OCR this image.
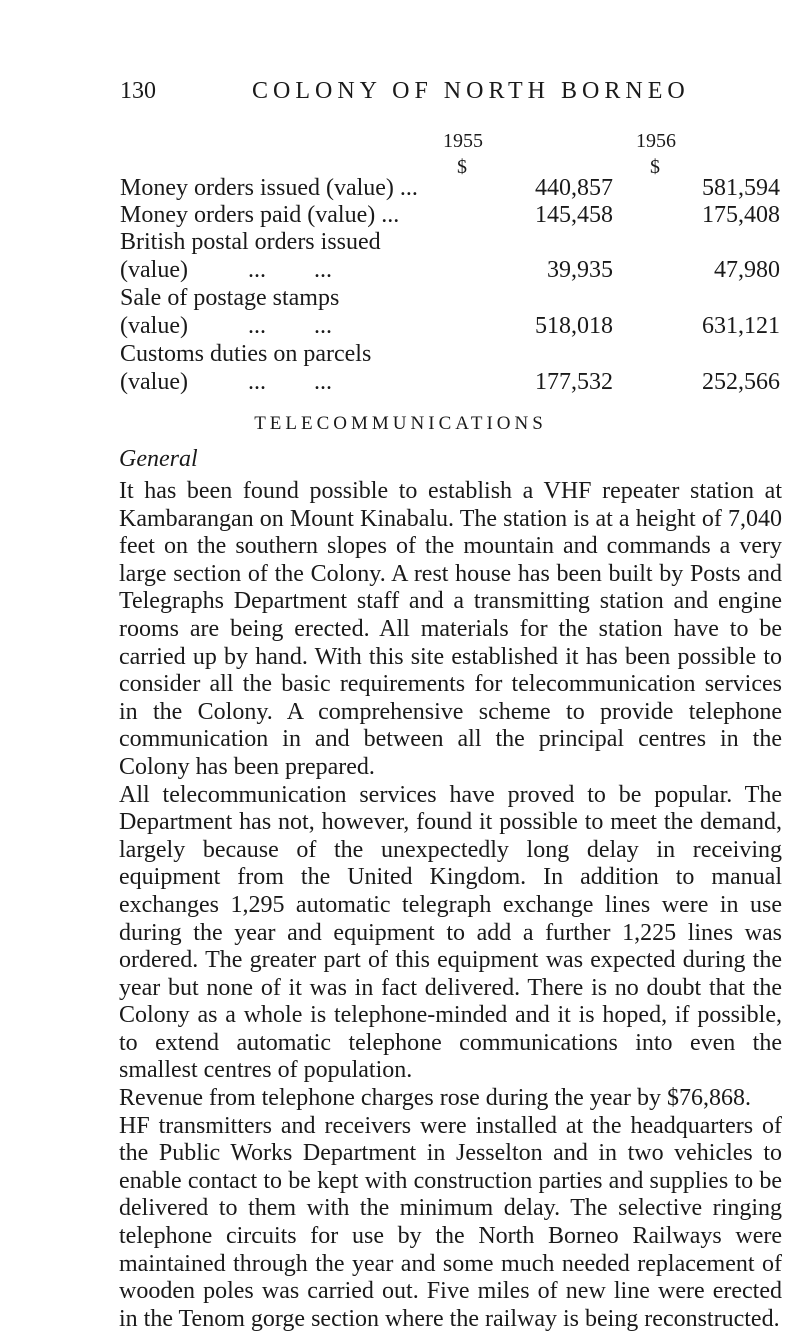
130	COLONY OF NORTH BORNEO
1955	1956
$	$
Money orders issued (value) ...	440,857	581,594
Money orders paid (value) ...	145,458	175,408
British postal orders issued
(value)          ...        ...	39,935	47,980
Sale of postage stamps
(value)          ...        ...	518,018	631,121
Customs duties on parcels
(value)          ...        ...	177,532	252,566
TELECOMMUNICATIONS
General

It has been found possible to establish a VHF repeater station at Kambarangan on Mount Kinabalu. The station is at a height of 7,040 feet on the southern slopes of the mountain and commands a very large section of the Colony. A rest house has been built by Posts and Telegraphs Department staff and a transmitting station and engine rooms are being erected. All materials for the station have to be carried up by hand. With this site established it has been possible to consider all the basic requirements for telecommunication services in the Colony. A comprehensive scheme to provide telephone communication in and between all the principal centres in the Colony has been prepared.

All telecommunication services have proved to be popular. The Department has not, however, found it possible to meet the demand, largely because of the unexpectedly long delay in receiving equipment from the United Kingdom. In addition to manual exchanges 1,295 automatic telegraph exchange lines were in use during the year and equipment to add a further 1,225 lines was ordered. The greater part of this equipment was expected during the year but none of it was in fact delivered. There is no doubt that the Colony as a whole is telephone-minded and it is hoped, if possible, to extend automatic telephone communications into even the smallest centres of population.

Revenue from telephone charges rose during the year by $76,868.

HF transmitters and receivers were installed at the headquarters of the Public Works Department in Jesselton and in two vehicles to enable contact to be kept with construction parties and supplies to be delivered to them with the minimum delay. The selective ringing telephone circuits for use by the North Borneo Railways were maintained through the year and some much needed replacement of wooden poles was carried out. Five miles of new line were erected in the Tenom gorge section where the railway is being reconstructed.
